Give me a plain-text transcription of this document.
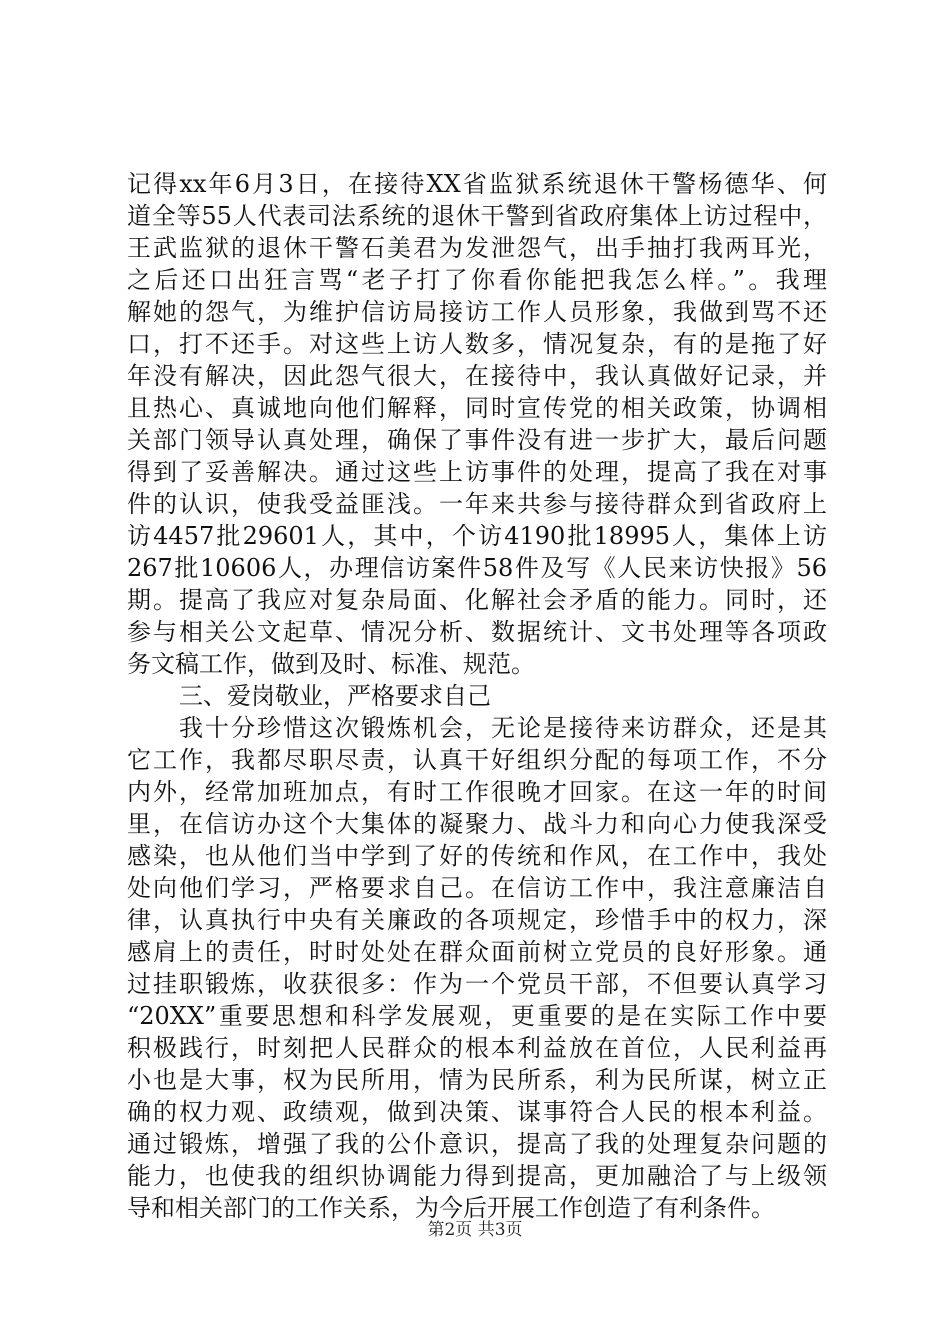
记得xx年6月3日，在接待XX省监狱系统退休干警杨德华、何
道全等55人代表司法系统的退休干警到省政府集体上访过程中，
王武监狱的退休干警石美君为发泄怨气，出手抽打我两耳光，
之后还口出狂言骂“老子打了你看你能把我怎么样。”。我理
解她的怨气，为维护信访局接访工作人员形象，我做到骂不还
口，打不还手。对这些上访人数多，情况复杂，有的是拖了好
年没有解决，因此怨气很大，在接待中，我认真做好记录，并
且热心、真诚地向他们解释，同时宣传党的相关政策，协调相
关部门领导认真处理，确保了事件没有进一步扩大，最后问题
得到了妥善解决。通过这些上访事件的处理，提高了我在对事
件的认识，使我受益匪浅。一年来共参与接待群众到省政府上
访4457批29601人，其中，个访4190批18995人，集体上访
267批10606人，办理信访案件58件及写《人民来访快报》56
期。提高了我应对复杂局面、化解社会矛盾的能力。同时，还
参与相关公文起草、情况分析、数据统计、文书处理等各项政
务文稿工作，做到及时、标准、规范。
三、爱岗敬业，严格要求自己
我十分珍惜这次锻炼机会，无论是接待来访群众，还是其
它工作，我都尽职尽责，认真干好组织分配的每项工作，不分
内外，经常加班加点，有时工作很晚才回家。在这一年的时间
里，在信访办这个大集体的凝聚力、战斗力和向心力使我深受
感染，也从他们当中学到了好的传统和作风，在工作中，我处
处向他们学习，严格要求自己。在信访工作中，我注意廉洁自
律，认真执行中央有关廉政的各项规定，珍惜手中的权力，深
感肩上的责任，时时处处在群众面前树立党员的良好形象。通
过挂职锻炼，收获很多：作为一个党员干部，不但要认真学习
“20XX”重要思想和科学发展观，更重要的是在实际工作中要
积极践行，时刻把人民群众的根本利益放在首位，人民利益再
小也是大事，权为民所用，情为民所系，利为民所谋，树立正
确的权力观、政绩观，做到决策、谋事符合人民的根本利益。
通过锻炼，增强了我的公仆意识，提高了我的处理复杂问题的
能力，也使我的组织协调能力得到提高，更加融洽了与上级领
导和相关部门的工作关系，为今后开展工作创造了有利条件。
第2页 共3页
